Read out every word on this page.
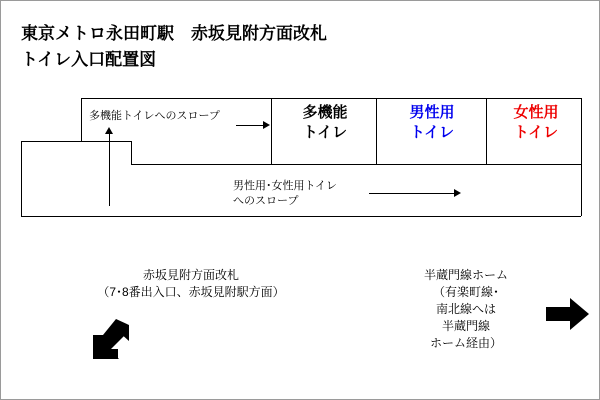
東京メトロ永田町駅　赤坂見附方面改札
トイレ入口配置図
多機能
トイレ
男性用
トイレ
女性用
トイレ
多機能トイレへのスロープ
男性用･女性用トイレ
へのスロープ
赤坂見附方面改札
（7･8番出入口、赤坂見附駅方面）
半蔵門線ホーム
（有楽町線･
南北線へは
半蔵門線
ホーム経由）
